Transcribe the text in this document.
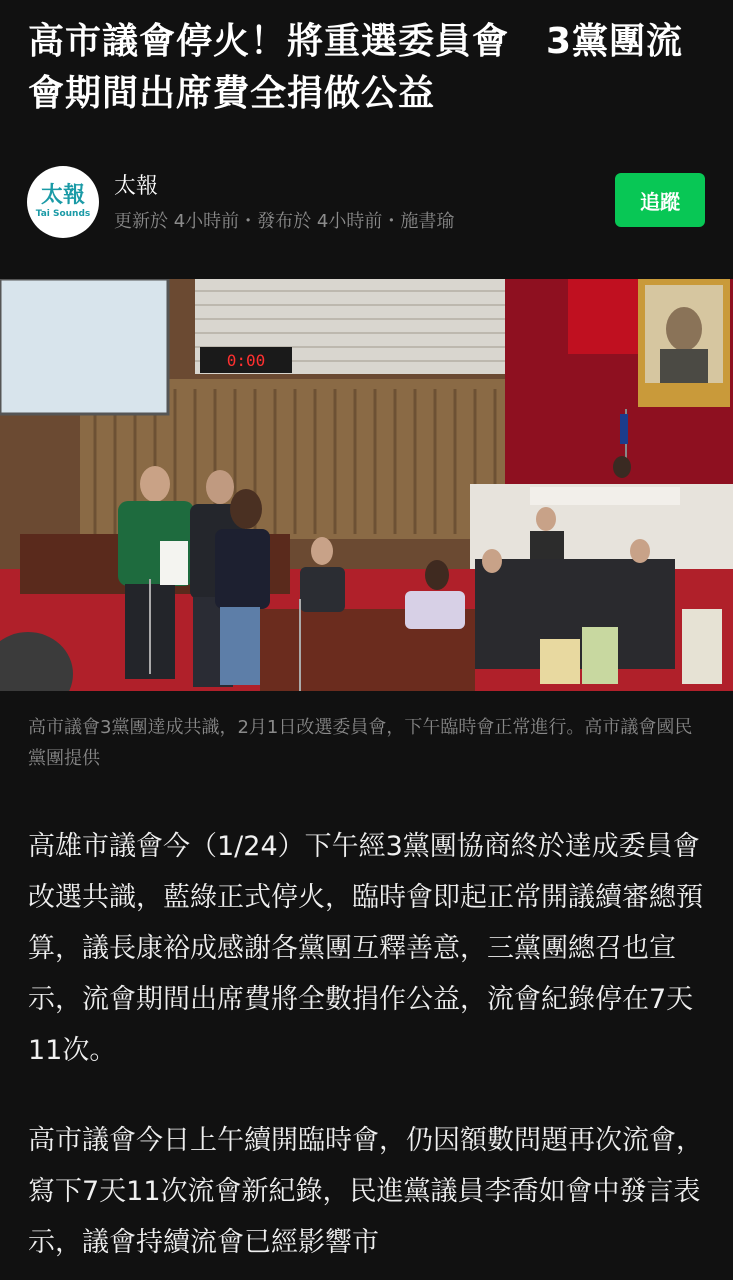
高市議會停火！將重選委員會　3黨團流會期間出席費全捐做公益
太報
Tai Sounds
太報
更新於 4小時前・發布於 4小時前・施書瑜
追蹤
0:00

高市議會3黨團達成共識，2月1日改選委員會，下午臨時會正常進行。高市議會國民黨團提供

高雄市議會今（1/24）下午經3黨團協商終於達成委員會改選共識，藍綠正式停火，臨時會即起正常開議續審總預算，議長康裕成感謝各黨團互釋善意，三黨團總召也宣示，流會期間出席費將全數捐作公益，流會紀錄停在7天11次。

高市議會今日上午續開臨時會，仍因額數問題再次流會，寫下7天11次流會新紀錄，民進黨議員李喬如會中發言表示，議會持續流會已經影響市
